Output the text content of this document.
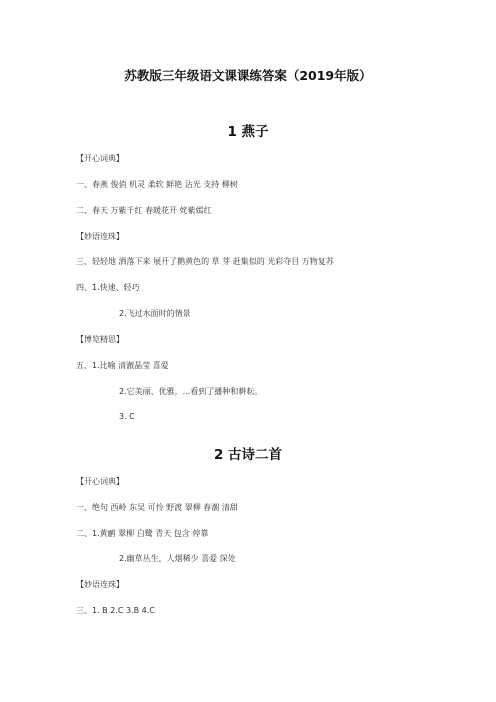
苏教版三年级语文课课练答案（2019年版）
1 燕子
【开心词典】
一、春燕 俊俏 机灵 柔软 鲜艳 沾光 支持 柳树
二、春天 万紫千红 春暖花开 姹紫嫣红
【妙语连珠】
三、轻轻地 洒落下来 展开了鹅黄色的 草 芽 赶集似的 光彩夺目 万物复苏
四、1.快速、轻巧
2.飞过水面时的情景
【博览精思】
五、1.比喻 清澈晶莹 喜爱
2.它美丽、优雅，...看到了播种和耕耘。
3. C
2 古诗二首
【开心词典】
一、绝句 西岭 东吴 可怜 野渡 翠柳 春潮 清甜
二、1.黄鹂 翠柳 白鹭 青天 包含 停靠
2.幽草丛生，人烟稀少 喜爱 深处
【妙语连珠】
三、1. B 2.C 3.B 4.C
